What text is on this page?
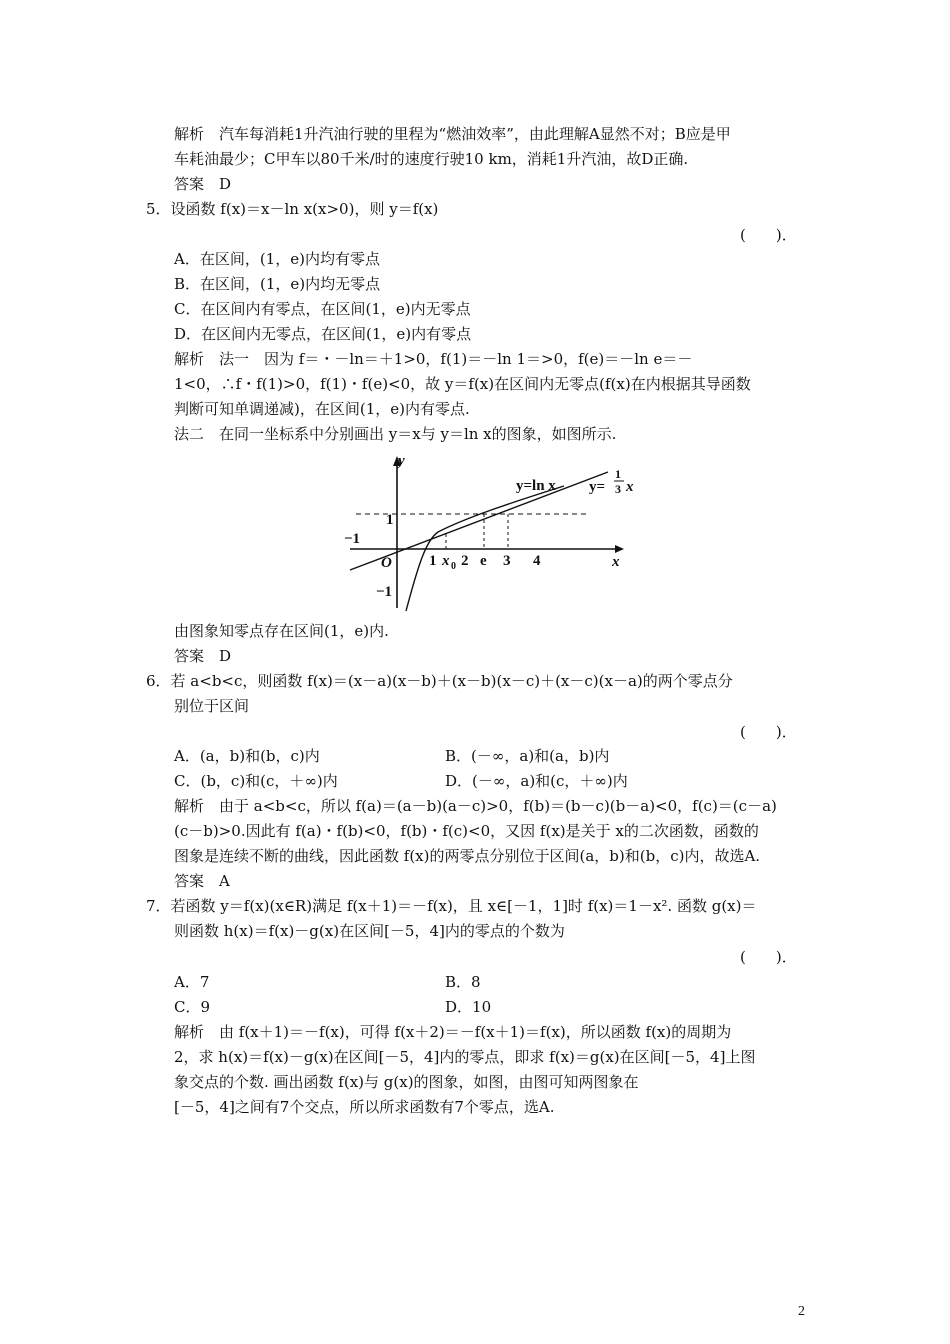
解析　汽车每消耗1升汽油行驶的里程为“燃油效率”，由此理解A显然不对；B应是甲
车耗油最少；C甲车以80千米/时的速度行驶10 km，消耗1升汽油，故D正确.
答案　D
5．设函数 f(x)＝x－ln x(x>0)，则 y＝f(x)
(　　)．
A．在区间，(1，e)内均有零点
B．在区间，(1，e)内均无零点
C．在区间内有零点，在区间(1，e)内无零点
D．在区间内无零点，在区间(1，e)内有零点
解析　法一　因为 f＝・－ln＝＋1>0，f(1)＝－ln 1＝>0，f(e)＝－ln e＝－
1<0，∴f・f(1)>0，f(1)・f(e)<0，故 y＝f(x)在区间内无零点(f(x)在内根据其导函数
判断可知单调递减)，在区间(1，e)内有零点.
法二　在同一坐标系中分别画出 y＝x与 y＝ln x的图象，如图所示.
y
x
O
y=ln x y=
1
3 x
−1
1
−1
1 x 0 2 e 3 4
由图象知零点存在区间(1，e)内.
答案　D
6．若 a<b<c，则函数 f(x)＝(x－a)(x－b)＋(x－b)(x－c)＋(x－c)(x－a)的两个零点分
别位于区间
(　　)．
A．(a，b)和(b，c)内	B．(－∞，a)和(a，b)内
C．(b，c)和(c，＋∞)内	D．(－∞，a)和(c，＋∞)内
解析　由于 a<b<c，所以 f(a)＝(a－b)(a－c)>0，f(b)＝(b－c)(b－a)<0，f(c)＝(c－a)
(c－b)>0.因此有 f(a)・f(b)<0，f(b)・f(c)<0，又因 f(x)是关于 x的二次函数，函数的
图象是连续不断的曲线，因此函数 f(x)的两零点分别位于区间(a，b)和(b，c)内，故选A.
答案　A
7．若函数 y＝f(x)(x∈R)满足 f(x＋1)＝－f(x)，且 x∈[－1，1]时 f(x)＝1－x². 函数 g(x)＝
则函数 h(x)＝f(x)－g(x)在区间[－5，4]内的零点的个数为
(　　)．
A．7	B．8
C．9	D．10
解析　由 f(x＋1)＝－f(x)，可得 f(x＋2)＝－f(x＋1)＝f(x)，所以函数 f(x)的周期为
2，求 h(x)＝f(x)－g(x)在区间[－5，4]内的零点，即求 f(x)＝g(x)在区间[－5，4]上图
象交点的个数. 画出函数 f(x)与 g(x)的图象，如图，由图可知两图象在
[－5，4]之间有7个交点，所以所求函数有7个零点，选A.
2
